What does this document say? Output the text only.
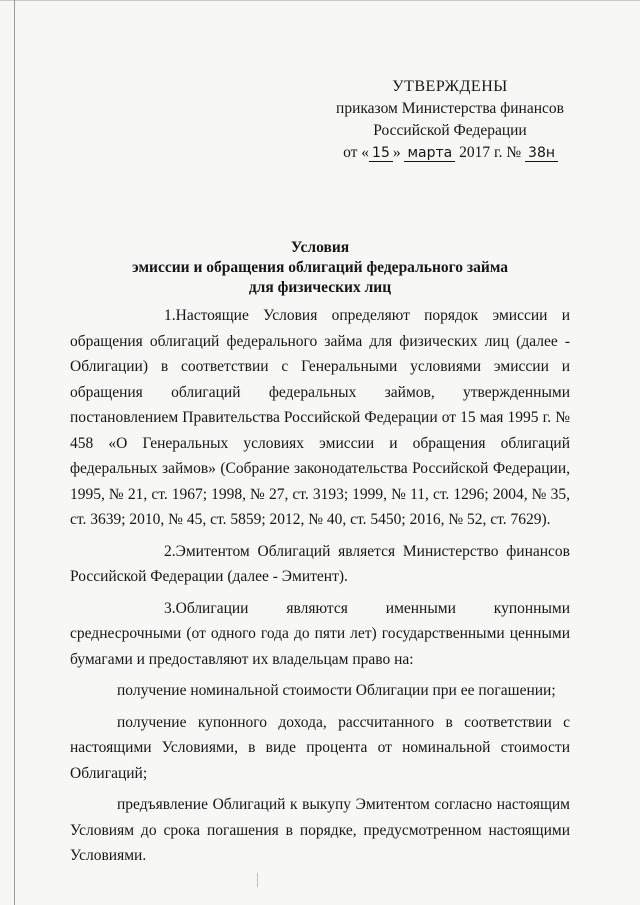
УТВЕРЖДЕНЫ
приказом Министерства финансов
Российской Федерации
от « 15 » марта 2017 г. № 38н
Условия
эмиссии и обращения облигаций федерального займа
для физических лиц

1.Настоящие Условия определяют порядок эмиссии и обращения облигаций федерального займа для физических лиц (далее - Облигации) в соответствии с Генеральными условиями эмиссии и обращения облигаций федеральных займов, утвержденными постановлением Правительства Российской Федерации от 15 мая 1995 г. № 458 «О Генеральных условиях эмиссии и обращения облигаций федеральных займов» (Собрание законодательства Российской Федерации, 1995, № 21, ст. 1967; 1998, № 27, ст. 3193; 1999, № 11, ст. 1296; 2004, № 35, ст. 3639; 2010, № 45, ст. 5859; 2012, № 40, ст. 5450; 2016, № 52, ст. 7629).

2.Эмитентом Облигаций является Министерство финансов Российской Федерации (далее - Эмитент).

3.Облигации являются именными купонными среднесрочными (от одного года до пяти лет) государственными ценными бумагами и предоставляют их владельцам право на:

получение номинальной стоимости Облигации при ее погашении;

получение купонного дохода, рассчитанного в соответствии с настоящими Условиями, в виде процента от номинальной стоимости Облигаций;

предъявление Облигаций к выкупу Эмитентом согласно настоящим Условиям до срока погашения в порядке, предусмотренном настоящими Условиями.
